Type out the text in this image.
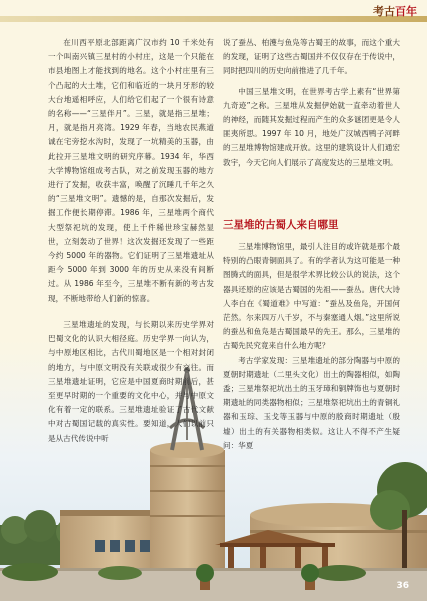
考古百年

在川西平原北部距离广汉市约 10 千米处有一个叫南兴镇三星村的小村庄，这是一个只能在市县地图上才能找到的地名。这个小村庄里有三个凸起的大土堆，它们和临近的一块月牙形的较大台地遥相呼应，人们给它们起了一个很有诗意的名称——“三星伴月”。三星，就是指三星堆；月，就是指月亮湾。1929 年春，当地农民燕道诚在宅旁挖水沟时，发现了一坑精美的玉器，由此拉开三星堆文明的研究序幕。1934 年，华西大学博物馆组成考古队，对之前发现玉器的地方进行了发掘，收获丰富，唤醒了沉睡几千年之久的“三星堆文明”。遗憾的是，自那次发掘后，发掘工作便长期停滞。1986 年，三星堆两个商代大型祭祀坑的发现，使上千件稀世珍宝赫然显世，立刻轰动了世界！这次发掘还发现了一些距今约 5000 年的器物。它们证明了三星堆遗址从距今 5000 年到 3000 年的历史从来没有间断过。从 1986 年至今，三星堆不断有新的考古发现，不断地带给人们新的惊喜。

三星堆遗址的发现，与长期以来历史学界对巴蜀文化的认识大相径庭。历史学界一向认为，与中原地区相比，古代川蜀地区是一个相对封闭的地方，与中原文明没有关联或很少有交往。而三星堆遗址证明，它应是中国夏商时期前后，甚至更早时期的一个重要的文化中心，并与中原文化有着一定的联系。三星堆遗址验证了古代文献中对古蜀国记载的真实性。要知道，人们以前只是从古代传说中听

说了蚕丛、柏濩与鱼凫等古蜀王的故事，而这个重大的发现，证明了这些古蜀国并不仅仅存在于传说中，同时把四川的历史向前推进了几千年。

中国三星堆文明，在世界考古学上素有“世界第九奇迹”之称。三星堆从发掘伊始就一直牵动着世人的神经，而随其发掘过程而产生的众多谜团更是令人匪夷所思。1997 年 10 月，地处广汉城西鸭子河畔的三星堆博物馆建成开放。这里的建筑设计人们通宏敦宇，今天它向人们展示了高度发达的三星堆文明。

三星堆的古蜀人来自哪里

三星堆博物馆里，最引人注目的或许就是那个最特别的凸眼青铜面具了。有的学者认为这可能是一种图腾式的面具，但是很学术界比较公认的说法，这个器具还原的应该是古蜀国的先祖——蚕丛。唐代大诗人李白在《蜀道难》中写道：“蚕丛及鱼凫，开国何茫然。尔来四万八千岁，不与秦塞通人烟。”这里所说的蚕丛和鱼凫是古蜀国最早的先王。那么，三星堆的古蜀先民究竟来自什么地方呢？

考古学家发现：三星堆遗址的部分陶器与中原的夏朝时期遗址（二里头文化）出土的陶器相似，如陶盉；三星堆祭祀坑出土的玉牙璋和铜牌饰也与夏朝时期遗址的同类器物相似；三星堆祭祀坑出土的青铜礼器和玉琮、玉戈等玉器与中原的殷商时期遗址（殷墟）出土的有关器物相类似。这让人不得不产生疑问：华夏

36
